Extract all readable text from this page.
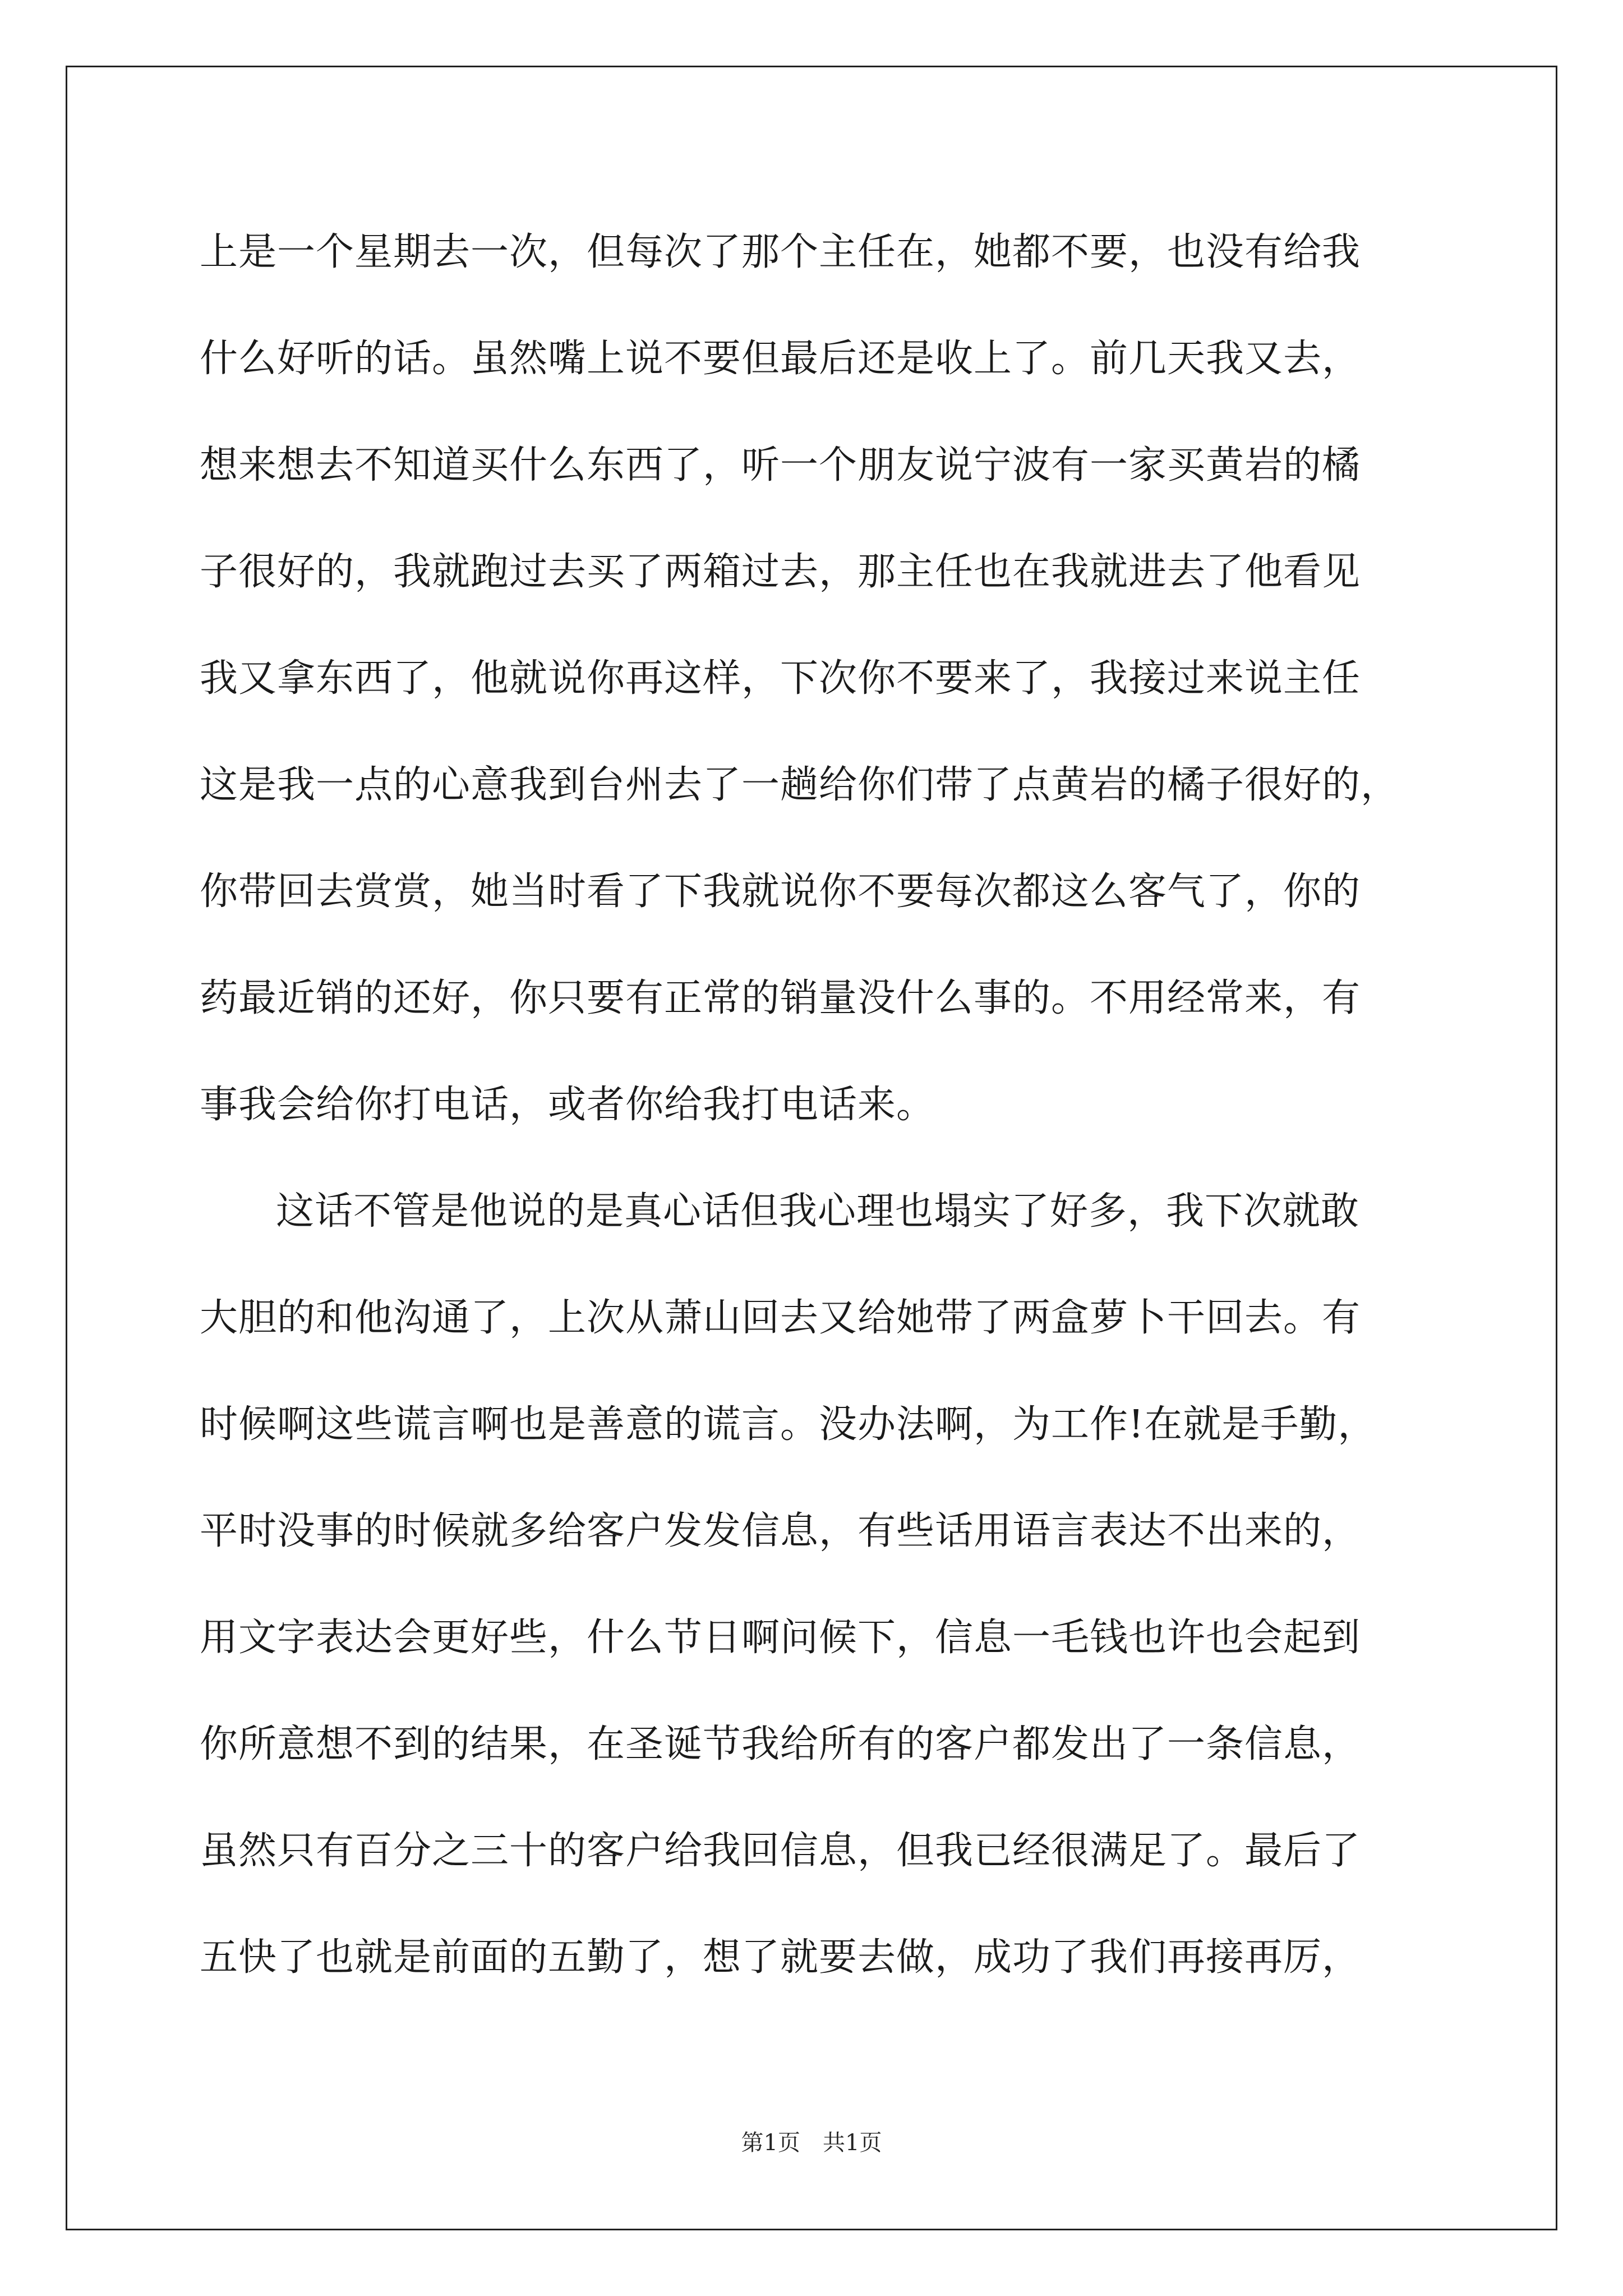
上是一个星期去一次，但每次了那个主任在，她都不要，也没有给我
什么好听的话。虽然嘴上说不要但最后还是收上了。前几天我又去，
想来想去不知道买什么东西了，听一个朋友说宁波有一家买黄岩的橘
子很好的，我就跑过去买了两箱过去，那主任也在我就进去了他看见
我又拿东西了，他就说你再这样，下次你不要来了，我接过来说主任
这是我一点的心意我到台州去了一趟给你们带了点黄岩的橘子很好的，
你带回去赏赏，她当时看了下我就说你不要每次都这么客气了，你的
药最近销的还好，你只要有正常的销量没什么事的。不用经常来，有
事我会给你打电话，或者你给我打电话来。
这话不管是他说的是真心话但我心理也塌实了好多，我下次就敢
大胆的和他沟通了，上次从萧山回去又给她带了两盒萝卜干回去。有
时候啊这些谎言啊也是善意的谎言。没办法啊，为工作!在就是手勤，
平时没事的时候就多给客户发发信息，有些话用语言表达不出来的，
用文字表达会更好些，什么节日啊问候下，信息一毛钱也许也会起到
你所意想不到的结果，在圣诞节我给所有的客户都发出了一条信息，
虽然只有百分之三十的客户给我回信息，但我已经很满足了。最后了
五快了也就是前面的五勤了，想了就要去做，成功了我们再接再厉，
第1页 共1页
